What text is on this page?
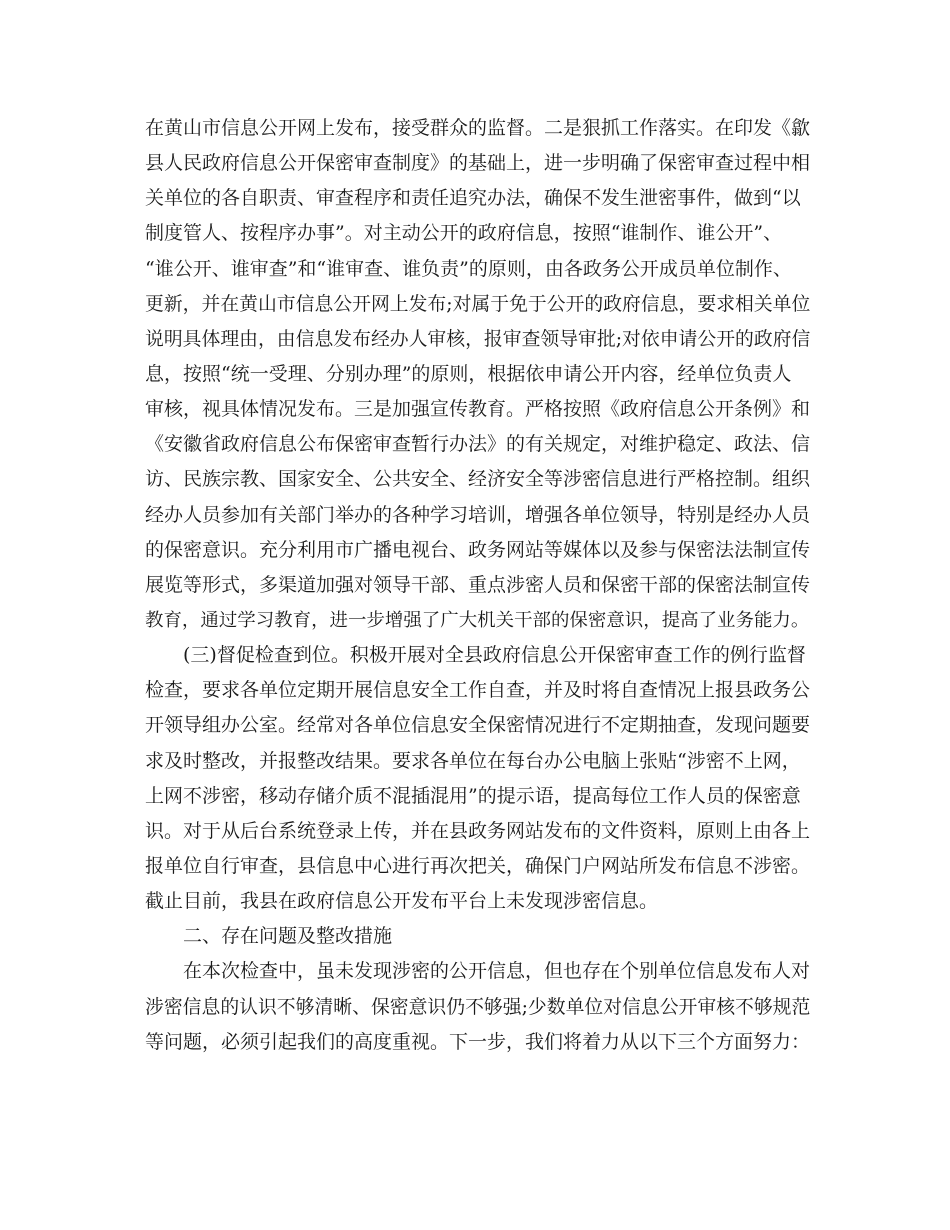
在黄山市信息公开网上发布，接受群众的监督。二是狠抓工作落实。在印发《歙
县人民政府信息公开保密审查制度》的基础上，进一步明确了保密审查过程中相
关单位的各自职责、审查程序和责任追究办法，确保不发生泄密事件，做到“以
制度管人、按程序办事”。对主动公开的政府信息，按照“谁制作、谁公开”、
“谁公开、谁审查”和“谁审查、谁负责”的原则，由各政务公开成员单位制作、
更新，并在黄山市信息公开网上发布;对属于免于公开的政府信息，要求相关单位
说明具体理由，由信息发布经办人审核，报审查领导审批;对依申请公开的政府信
息，按照“统一受理、分别办理”的原则，根据依申请公开内容，经单位负责人
审核，视具体情况发布。三是加强宣传教育。严格按照《政府信息公开条例》和
《安徽省政府信息公布保密审查暂行办法》的有关规定，对维护稳定、政法、信
访、民族宗教、国家安全、公共安全、经济安全等涉密信息进行严格控制。组织
经办人员参加有关部门举办的各种学习培训，增强各单位领导，特别是经办人员
的保密意识。充分利用市广播电视台、政务网站等媒体以及参与保密法法制宣传
展览等形式，多渠道加强对领导干部、重点涉密人员和保密干部的保密法制宣传
教育，通过学习教育，进一步增强了广大机关干部的保密意识，提高了业务能力。
(三)督促检查到位。积极开展对全县政府信息公开保密审查工作的例行监督
检查，要求各单位定期开展信息安全工作自查，并及时将自查情况上报县政务公
开领导组办公室。经常对各单位信息安全保密情况进行不定期抽查，发现问题要
求及时整改，并报整改结果。要求各单位在每台办公电脑上张贴“涉密不上网，
上网不涉密，移动存储介质不混插混用”的提示语，提高每位工作人员的保密意
识。对于从后台系统登录上传，并在县政务网站发布的文件资料，原则上由各上
报单位自行审查，县信息中心进行再次把关，确保门户网站所发布信息不涉密。
截止目前，我县在政府信息公开发布平台上未发现涉密信息。
二、存在问题及整改措施
在本次检查中，虽未发现涉密的公开信息，但也存在个别单位信息发布人对
涉密信息的认识不够清晰、保密意识仍不够强;少数单位对信息公开审核不够规范
等问题，必须引起我们的高度重视。下一步，我们将着力从以下三个方面努力：
